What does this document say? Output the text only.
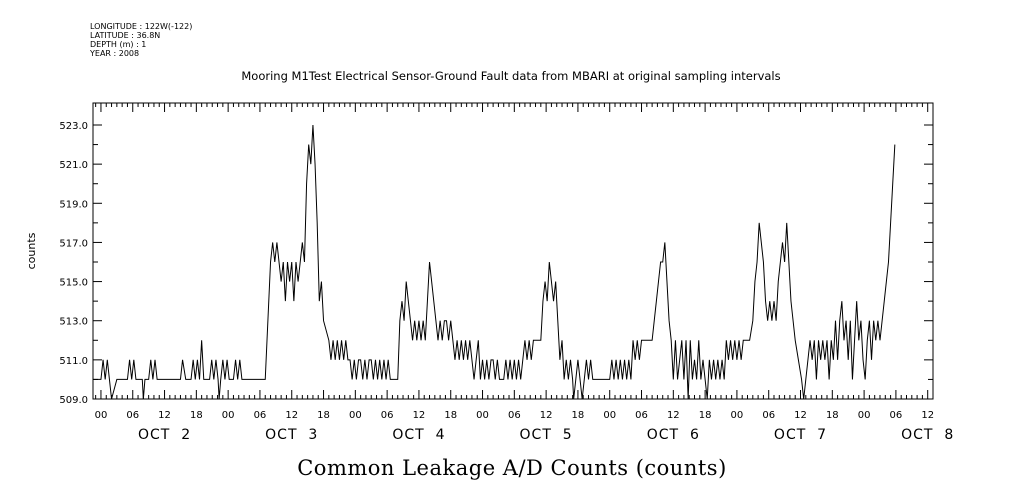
LONGITUDE : 122W(-122)
LATITUDE : 36.8N
DEPTH (m) : 1
YEAR : 2008
Mooring M1Test Electrical Sensor-Ground Fault data from MBARI at original sampling intervals
509.0
511.0
513.0
515.0
517.0
519.0
521.0
523.0
00 06 12 18 00 06 12 18 00 06 12 18 00 06 12 18 00 06 12 18 00 06 12 18 00 06 12
OCT  2	OCT  3	OCT  4	OCT  5	OCT  6	OCT  7	OCT  8
counts
Common Leakage A/D Counts (counts)
